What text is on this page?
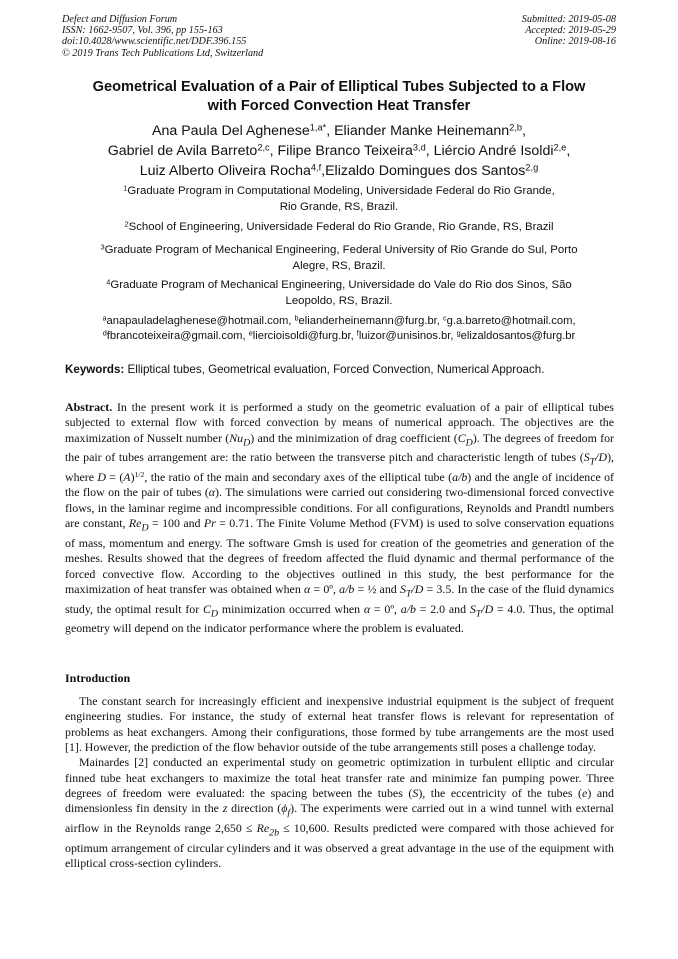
Defect and Diffusion Forum
ISSN: 1662-9507, Vol. 396, pp 155-163
doi:10.4028/www.scientific.net/DDF.396.155
© 2019 Trans Tech Publications Ltd, Switzerland
Submitted: 2019-05-08
Accepted: 2019-05-29
Online: 2019-08-16
Geometrical Evaluation of a Pair of Elliptical Tubes Subjected to a Flow
with Forced Convection Heat Transfer
Ana Paula Del Aghenese$^{1,a*}$, Eliander Manke Heinemann$^{2,b}$,
Gabriel de Avila Barreto$^{2,c}$, Filipe Branco Teixeira$^{3,d}$, Liércio André Isoldi$^{2,e}$,
Luiz Alberto Oliveira Rocha$^{4,f}$,Elizaldo Domingues dos Santos$^{2,g}$
$^1$Graduate Program in Computational Modeling, Universidade Federal do Rio Grande,
Rio Grande, RS, Brazil.
$^2$School of Engineering, Universidade Federal do Rio Grande, Rio Grande, RS, Brazil
$^3$Graduate Program of Mechanical Engineering, Federal University of Rio Grande do Sul, Porto
Alegre, RS, Brazil.
$^4$Graduate Program of Mechanical Engineering, Universidade do Vale do Rio dos Sinos, São
Leopoldo, RS, Brazil.
$^a$anapauladelaghenese@hotmail.com, $^b$elianderheinemann@furg.br, $^c$g.a.barreto@hotmail.com,
$^d$fbrancoteixeira@gmail.com, $^e$liercioisoldi@furg.br, $^f$luizor@unisinos.br, $^g$elizaldosantos@furg.br
Keywords: Elliptical tubes, Geometrical evaluation, Forced Convection, Numerical Approach.

Abstract. In the present work it is performed a study on the geometric evaluation of a pair of elliptical tubes subjected to external flow with forced convection by means of numerical approach. The objectives are the maximization of Nusselt number $(Nu_D)$ and the minimization of drag coefficient $(C_D)$. The degrees of freedom for the pair of tubes arrangement are: the ratio between the transverse pitch and characteristic length of tubes $(S_T/D)$, where $D = (A)^{1/2}$, the ratio of the main and secondary axes of the elliptical tube (a/b) and the angle of incidence of the flow on the pair of tubes (α). The simulations were carried out considering two-dimensional forced convective flows, in the laminar regime and incompressible conditions. For all configurations, Reynolds and Prandtl numbers are constant, $Re_D = 100$ and Pr = 0.71. The Finite Volume Method (FVM) is used to solve conservation equations of mass, momentum and energy. The software Gmsh is used for creation of the geometries and generation of the meshes. Results showed that the degrees of freedom affected the fluid dynamic and thermal performance of the forced convective flow. According to the objectives outlined in this study, the best performance for the maximization of heat transfer was obtained when α = 0º, a/b = ½ and $S_T/D = 3.5$. In the case of the fluid dynamics study, the optimal result for $C_D$ minimization occurred when α = 0º, a/b = 2.0 and $S_T/D = 4.0$. Thus, the optimal geometry will depend on the indicator performance where the problem is evaluated.

Introduction

The constant search for increasingly efficient and inexpensive industrial equipment is the subject of frequent engineering studies. For instance, the study of external heat transfer flows is relevant for representation of problems as heat exchangers. Among their configurations, those formed by tube arrangements are the most used [1]. However, the prediction of the flow behavior outside of the tube arrangements still poses a challenge today.

Mainardes [2] conducted an experimental study on geometric optimization in turbulent elliptic and circular finned tube heat exchangers to maximize the total heat transfer rate and minimize fan pumping power. Three degrees of freedom were evaluated: the spacing between the tubes (S), the eccentricity of the tubes (e) and dimensionless fin density in the z direction $(\phi_f)$. The experiments were carried out in a wind tunnel with external airflow in the Reynolds range $2,650 \le Re_{2b} \le 10,600$. Results predicted were compared with those achieved for optimum arrangement of circular cylinders and it was observed a great advantage in the use of the equipment with elliptical cross-section cylinders.
